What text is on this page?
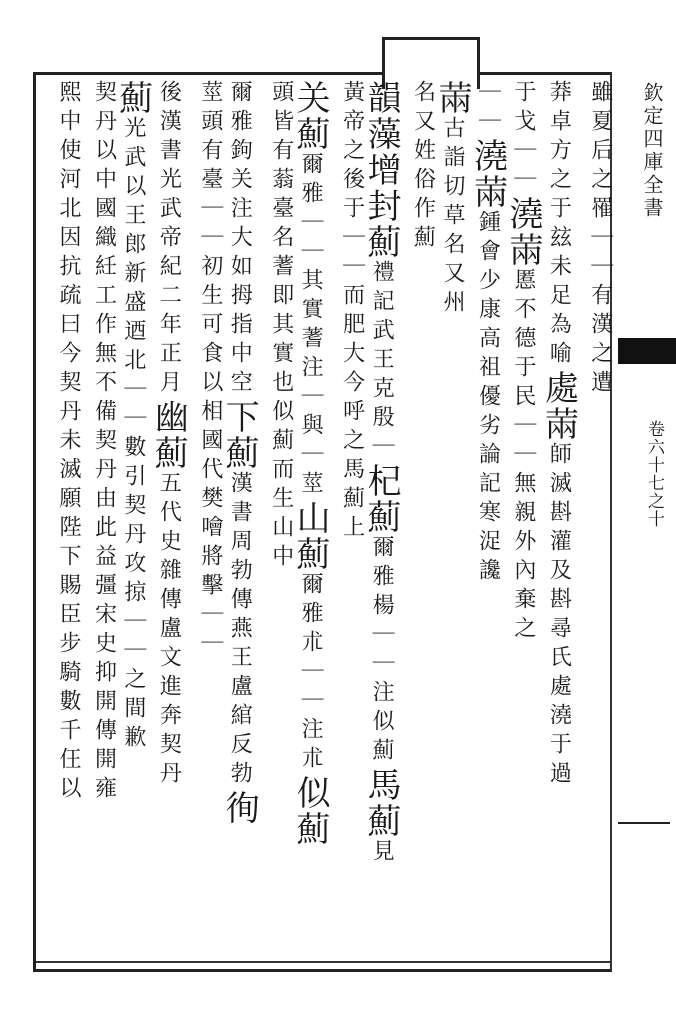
欽定四庫全書
卷六十七之十
雖夏后之罹｜｜有漢之遭
莽卓方之于玆未足為喻處䓣師滅斟灌及斟尋氏處澆于過
于戈｜｜澆䓣慝不德于民｜｜無親外內棄之
｜｜澆䓣鍾會少康高祖優劣論記寒浞讒
䓣古詣切草名又州
名又姓俗作薊
韻藻增封薊禮記武王克殷｜杞薊爾雅楊｜｜注似薊馬薊見
黃帝之後于｜｜而肥大今呼之馬薊上
关薊爾雅｜｜其實蓍注｜與｜莖山薊爾雅朮｜｜注朮似薊
頭皆有蓊臺名蓍即其實也似薊而生山中
爾雅鉤关注大如拇指中空下薊漢書周勃傳燕王盧綰反勃徇
莖頭有臺｜｜初生可食以相國代樊噲將擊｜｜
後漢書光武帝紀二年正月幽薊五代史雜傳盧文進奔契丹
薊光武以王郎新盛迺北｜｜數引契丹攻掠｜｜之間歉
契丹以中國織紝工作無不備契丹由此益彊宋史抑開傳開雍
熙中使河北因抗疏曰今契丹未滅願陛下賜臣步騎數千仼以
